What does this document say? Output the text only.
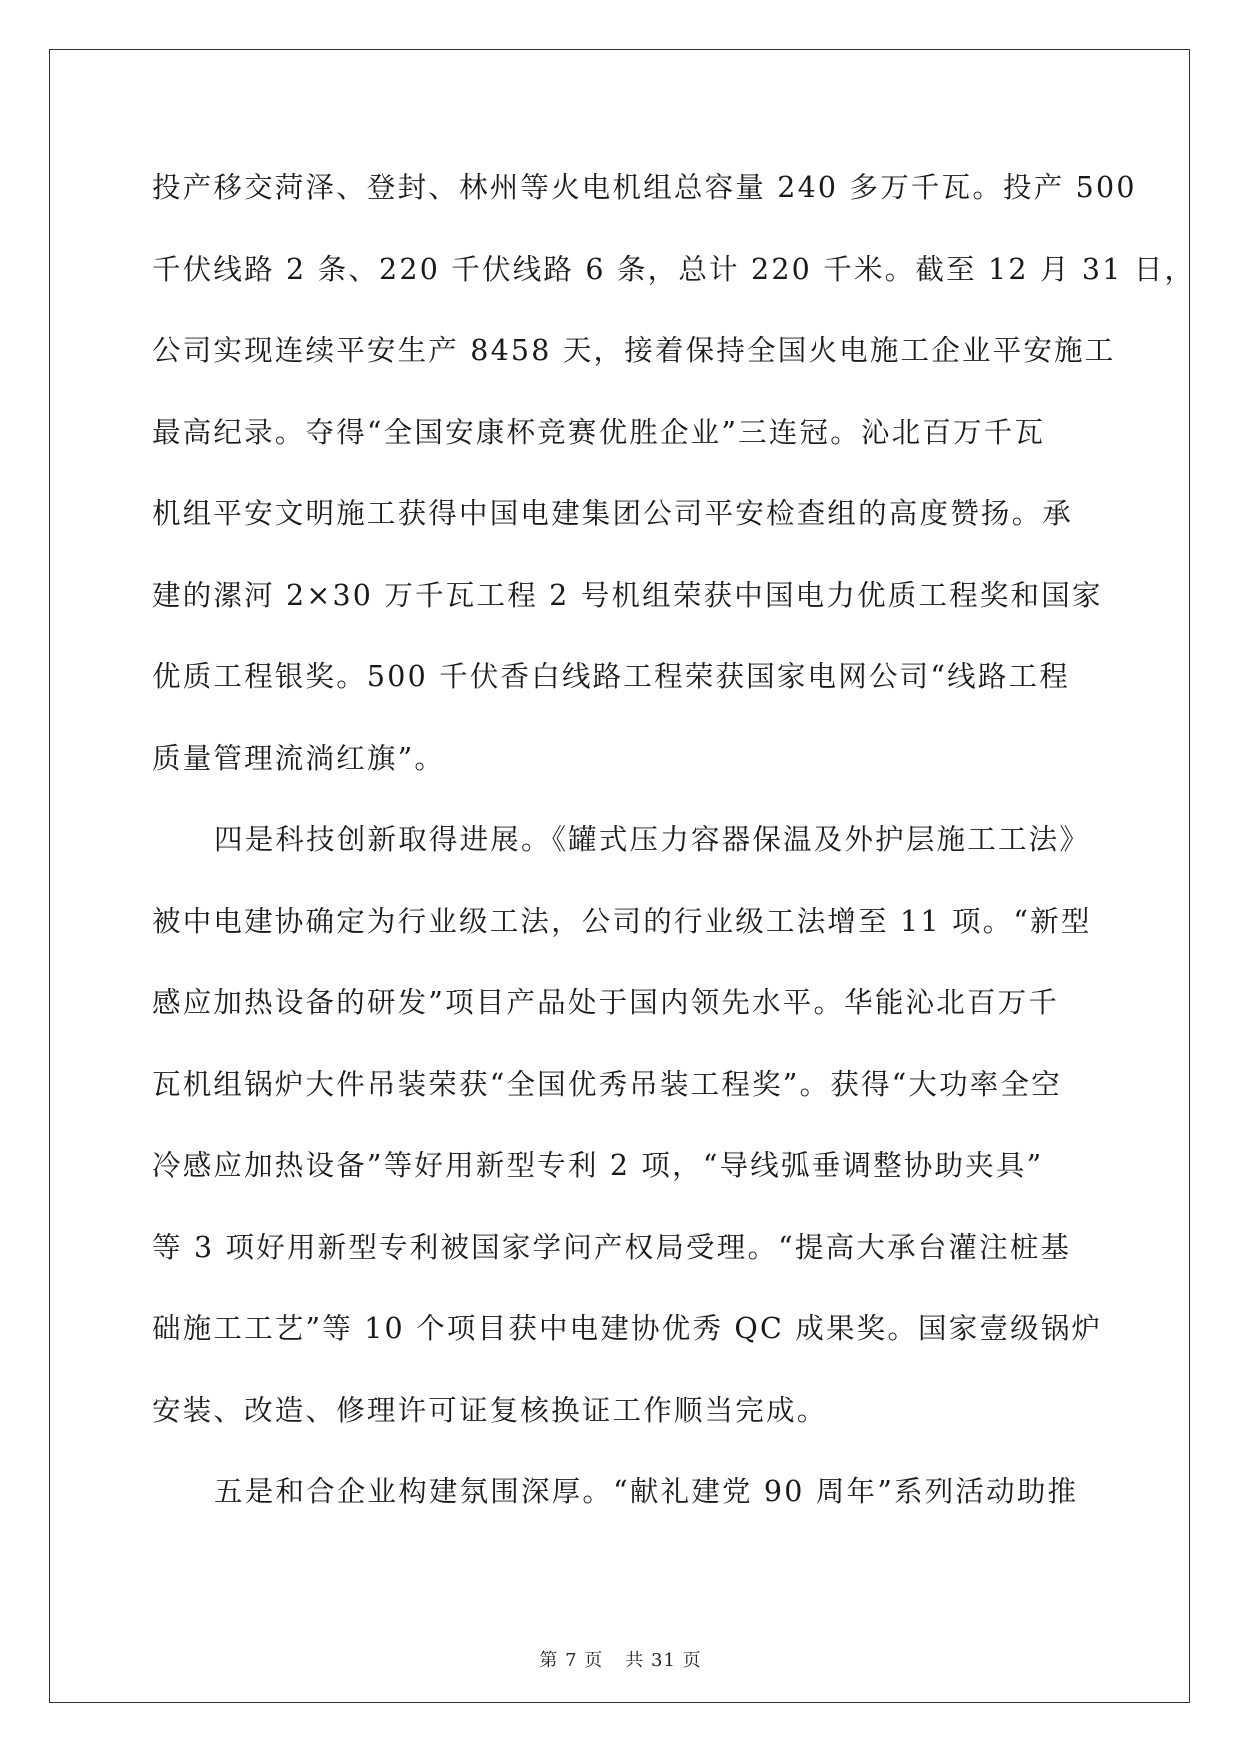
投产移交菏泽、登封、林州等火电机组总容量 240 多万千瓦。投产 500
千伏线路 2 条、220 千伏线路 6 条，总计 220 千米。截至 12 月 31 日，
公司实现连续平安生产 8458 天，接着保持全国火电施工企业平安施工
最高纪录。夺得“全国安康杯竞赛优胜企业”三连冠。沁北百万千瓦
机组平安文明施工获得中国电建集团公司平安检查组的高度赞扬。承
建的漯河 2×30 万千瓦工程 2 号机组荣获中国电力优质工程奖和国家
优质工程银奖。500 千伏香白线路工程荣获国家电网公司“线路工程
质量管理流淌红旗”。
四是科技创新取得进展。《罐式压力容器保温及外护层施工工法》
被中电建协确定为行业级工法，公司的行业级工法增至 11 项。“新型
感应加热设备的研发”项目产品处于国内领先水平。华能沁北百万千
瓦机组锅炉大件吊装荣获“全国优秀吊装工程奖”。获得“大功率全空
冷感应加热设备”等好用新型专利 2 项，“导线弧垂调整协助夹具”
等 3 项好用新型专利被国家学问产权局受理。“提高大承台灌注桩基
础施工工艺”等 10 个项目获中电建协优秀 QC 成果奖。国家壹级锅炉
安装、改造、修理许可证复核换证工作顺当完成。
五是和合企业构建氛围深厚。“献礼建党 90 周年”系列活动助推
第 7 页 共 31 页
